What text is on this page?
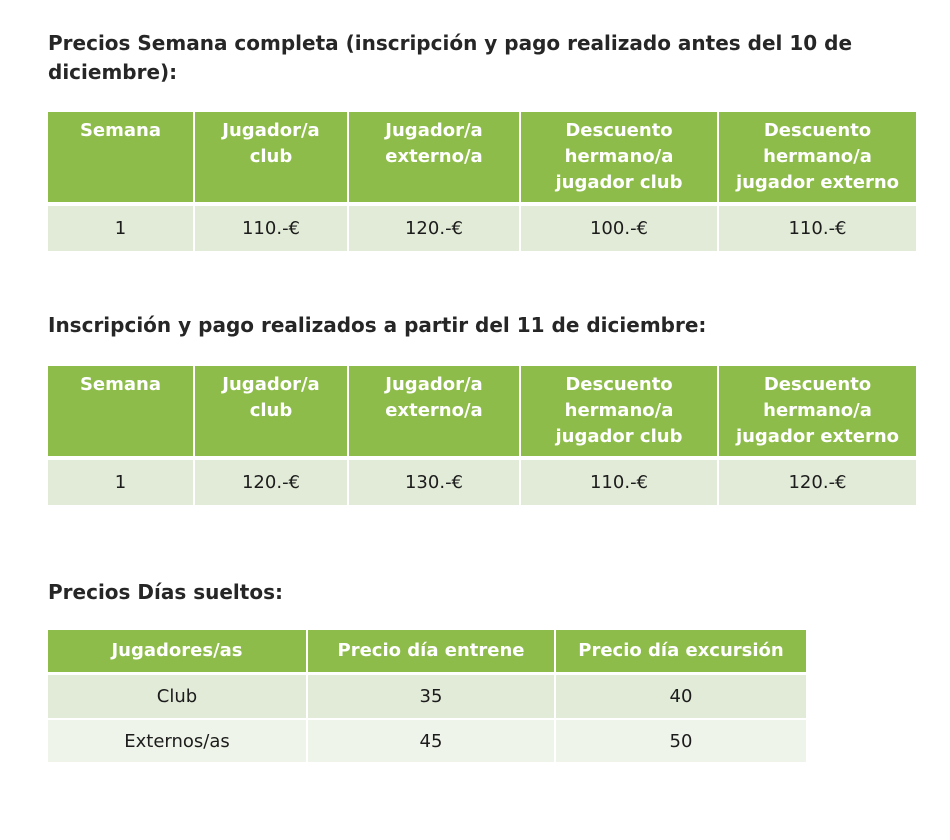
Precios Semana completa (inscripción y pago realizado antes del 10 de diciembre):
Semana	Jugador/a club	Jugador/a externo/a	Descuento hermano/a jugador club	Descuento hermano/a jugador externo
1	110.-€	120.-€	100.-€	110.-€
Inscripción y pago realizados a partir del 11 de diciembre:
Semana	Jugador/a club	Jugador/a externo/a	Descuento hermano/a jugador club	Descuento hermano/a jugador externo
1	120.-€	130.-€	110.-€	120.-€
Precios Días sueltos:
Jugadores/as	Precio día entrene	Precio día excursión
Club	35	40
Externos/as	45	50
